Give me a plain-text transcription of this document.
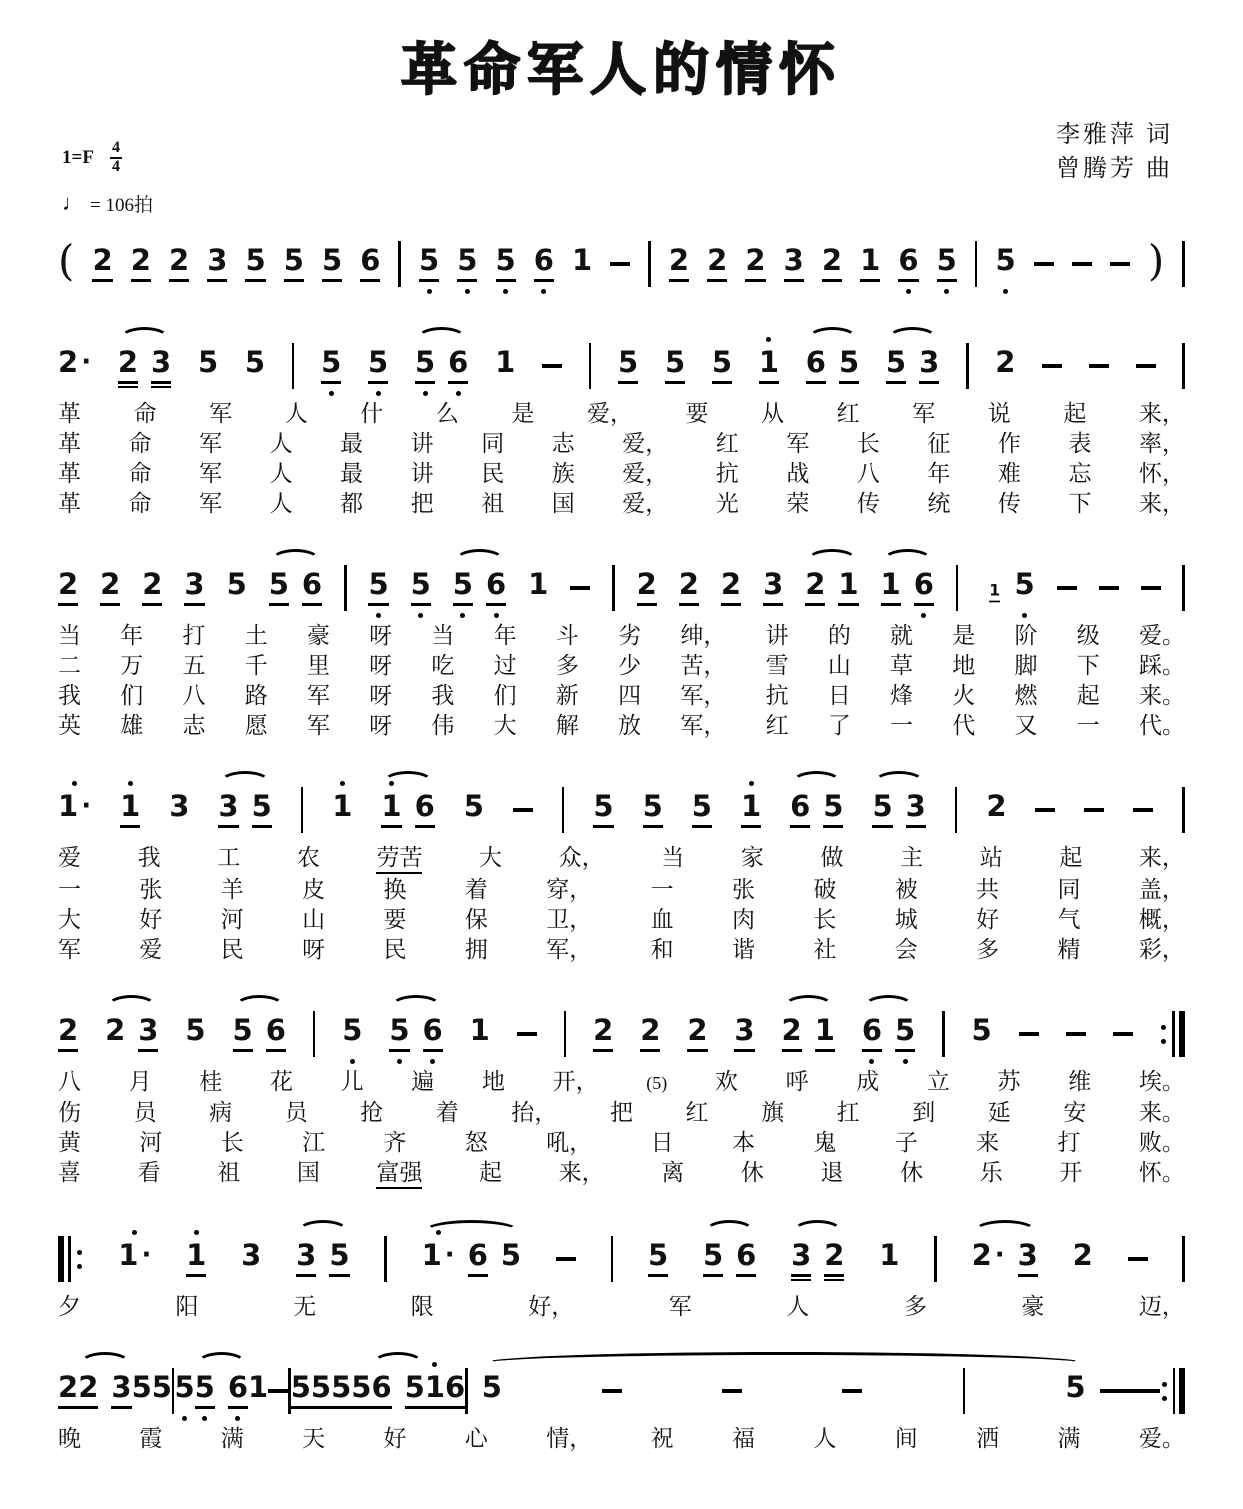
革命军人的情怀
李雅萍 词
曾腾芳 曲
$1=F \frac{4}{4}$
♩ = 106拍
( 2 2 2 3 5 5 5 6 5 5 5 6 1	2 2 2 3 2 1 6 5 5	)
2 · 2 3 5 5 5 5 5 6 1	5 5 5 1 6 5 5 3 2
革 命 军 人 什 么 是 爱， 要 从 红 军 说 起 来，
革 命 军 人 最 讲 同 志 爱， 红 军 长 征 作 表 率，
革 命 军 人 最 讲 民 族 爱， 抗 战 八 年 难 忘 怀，
革 命 军 人 都 把 祖 国 爱， 光 荣 传 统 传 下 来，
2 2 2 3 5 5 6 5 5 5 6 1	2 2 2 3 2 1 1 6 1 5
当 年 打 土 豪 呀 当 年 斗 劣 绅， 讲 的 就 是 阶 级 爱。
二 万 五 千 里 呀 吃 过 多 少 苦， 雪 山 草 地 脚 下 踩。
我 们 八 路 军 呀 我 们 新 四 军， 抗 日 烽 火 燃 起 来。
英 雄 志 愿 军 呀 伟 大 解 放 军， 红 了 一 代 又 一 代。
1 · 1 3 3 5 1 1 6 5	5 5 5 1 6 5 5 3 2
爱 我 工 农 劳苦 大 众， 当 家 做 主 站 起 来，
一	张	羊	皮	换	着	穿，	一	张	破	被	共	同	盖，
大	好	河	山	要	保	卫，	血	肉	长	城	好	气	概，
军	爱	民	呀	民	拥	军，	和	谐	社	会	多	精	彩，
2 2 3 5 5 6 5 5 6 1	2 2 2 3 2 1 6 5 5
八 月 桂 花 儿 遍 地 开，	(5) 欢 呼 成 立 苏 维 埃。
伤 员 病 员 抢 着 抬， 把 红 旗 扛 到 延 安 来。
黄	河	长	江	齐	怒	吼，	日	本	鬼	子	来	打	败。
喜 看 祖 国 富强 起 来， 离 休 退 休 乐 开 怀。
1 · 1 3 3 5 1 · 6 5	5 5 6 3 2 1 2 · 3 2
夕	阳	无	限	好，	军	人	多	豪	迈，
2 2 3 5 5 5 5 6 1 5 5 5 5 6 5 1 6 5	5
晚	霞	满	天	好	心	情，	祝	福	人	间	洒	满	爱。
